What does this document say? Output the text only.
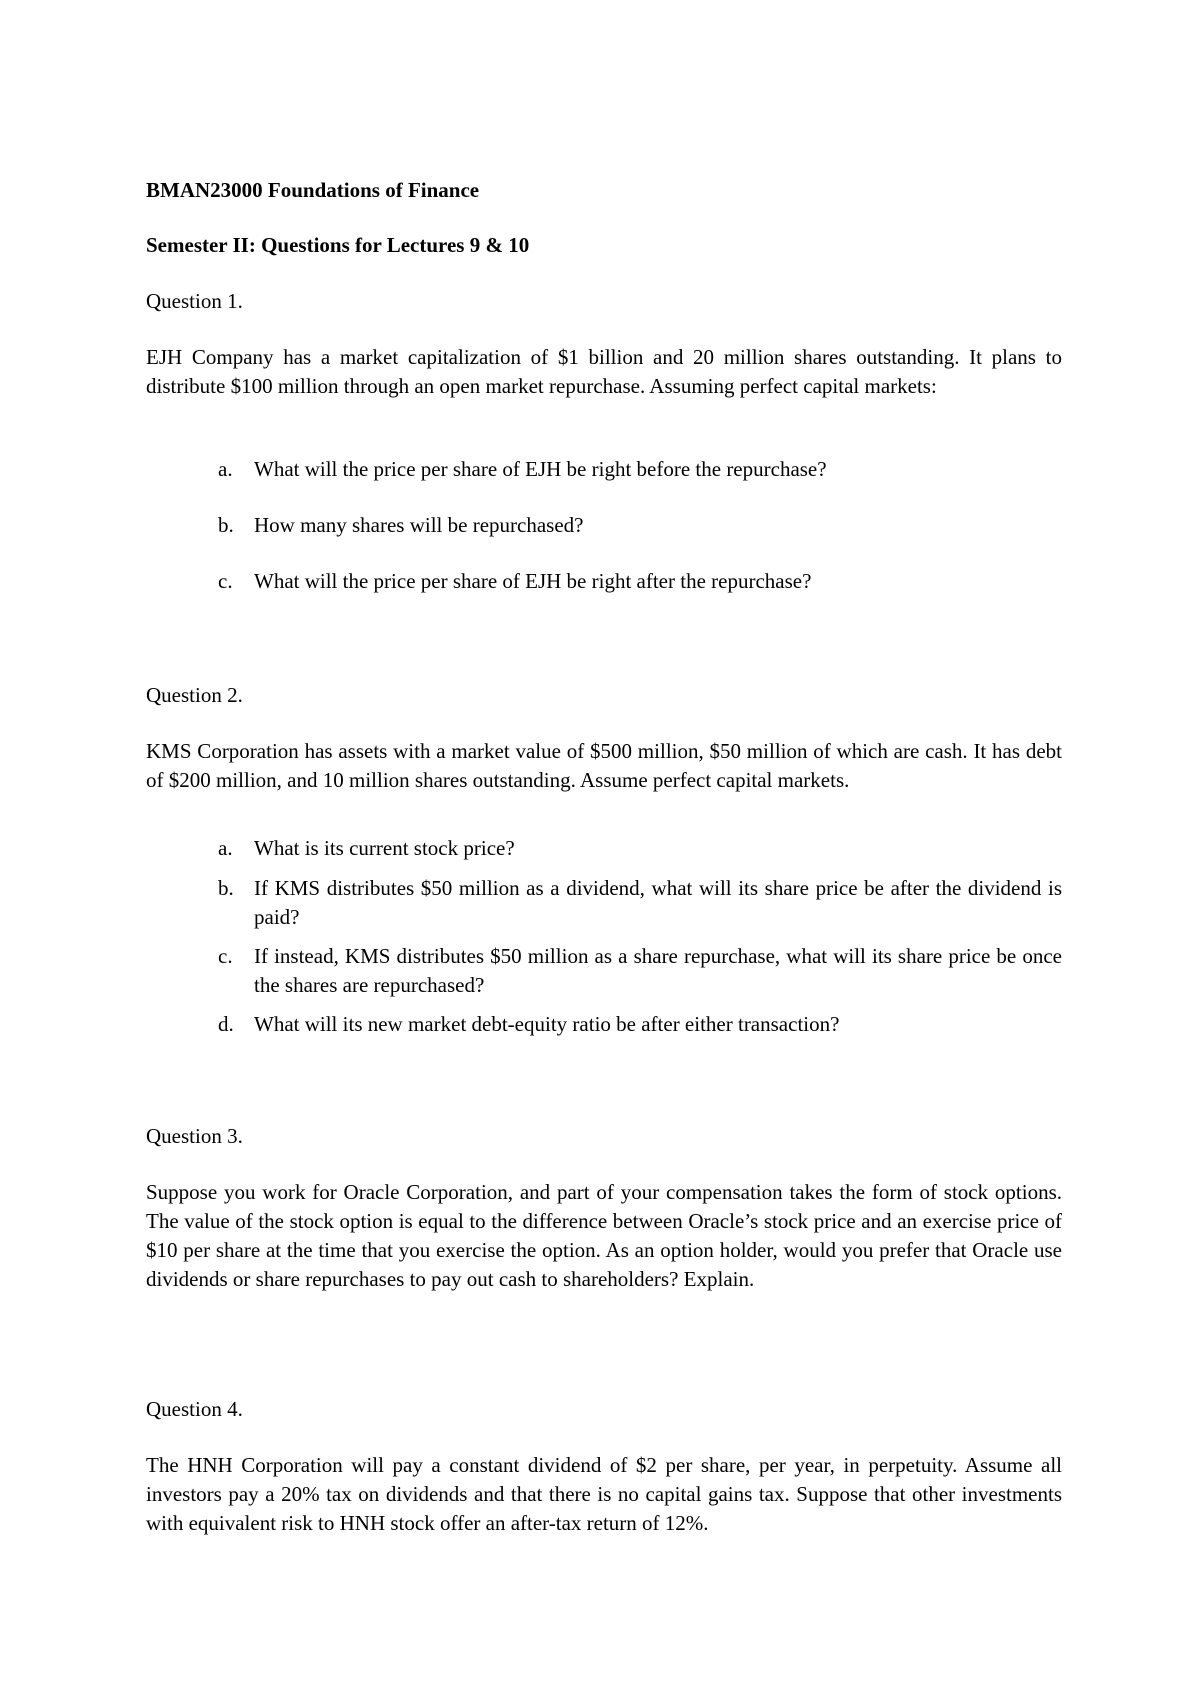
BMAN23000 Foundations of Finance

Semester II: Questions for Lectures 9 & 10

Question 1.

EJH Company has a market capitalization of $1 billion and 20 million shares outstanding. It plans to distribute $100 million through an open market repurchase. Assuming perfect capital markets:

a.	What will the price per share of EJH be right before the repurchase?
b. How many shares will be repurchased?
c.	What will the price per share of EJH be right after the repurchase?

Question 2.

KMS Corporation has assets with a market value of $500 million, $50 million of which are cash. It has debt of $200 million, and 10 million shares outstanding. Assume perfect capital markets.

a.	What is its current stock price?
b. If KMS distributes $50 million as a dividend, what will its share price be after the dividend is paid?
c.	If instead, KMS distributes $50 million as a share repurchase, what will its share price be once the shares are repurchased?
d. What will its new market debt-equity ratio be after either transaction?

Question 3.

Suppose you work for Oracle Corporation, and part of your compensation takes the form of stock options. The value of the stock option is equal to the difference between Oracle’s stock price and an exercise price of $10 per share at the time that you exercise the option. As an option holder, would you prefer that Oracle use dividends or share repurchases to pay out cash to shareholders? Explain.

Question 4.

The HNH Corporation will pay a constant dividend of $2 per share, per year, in perpetuity. Assume all investors pay a 20% tax on dividends and that there is no capital gains tax. Suppose that other investments with equivalent risk to HNH stock offer an after-tax return of 12%.
